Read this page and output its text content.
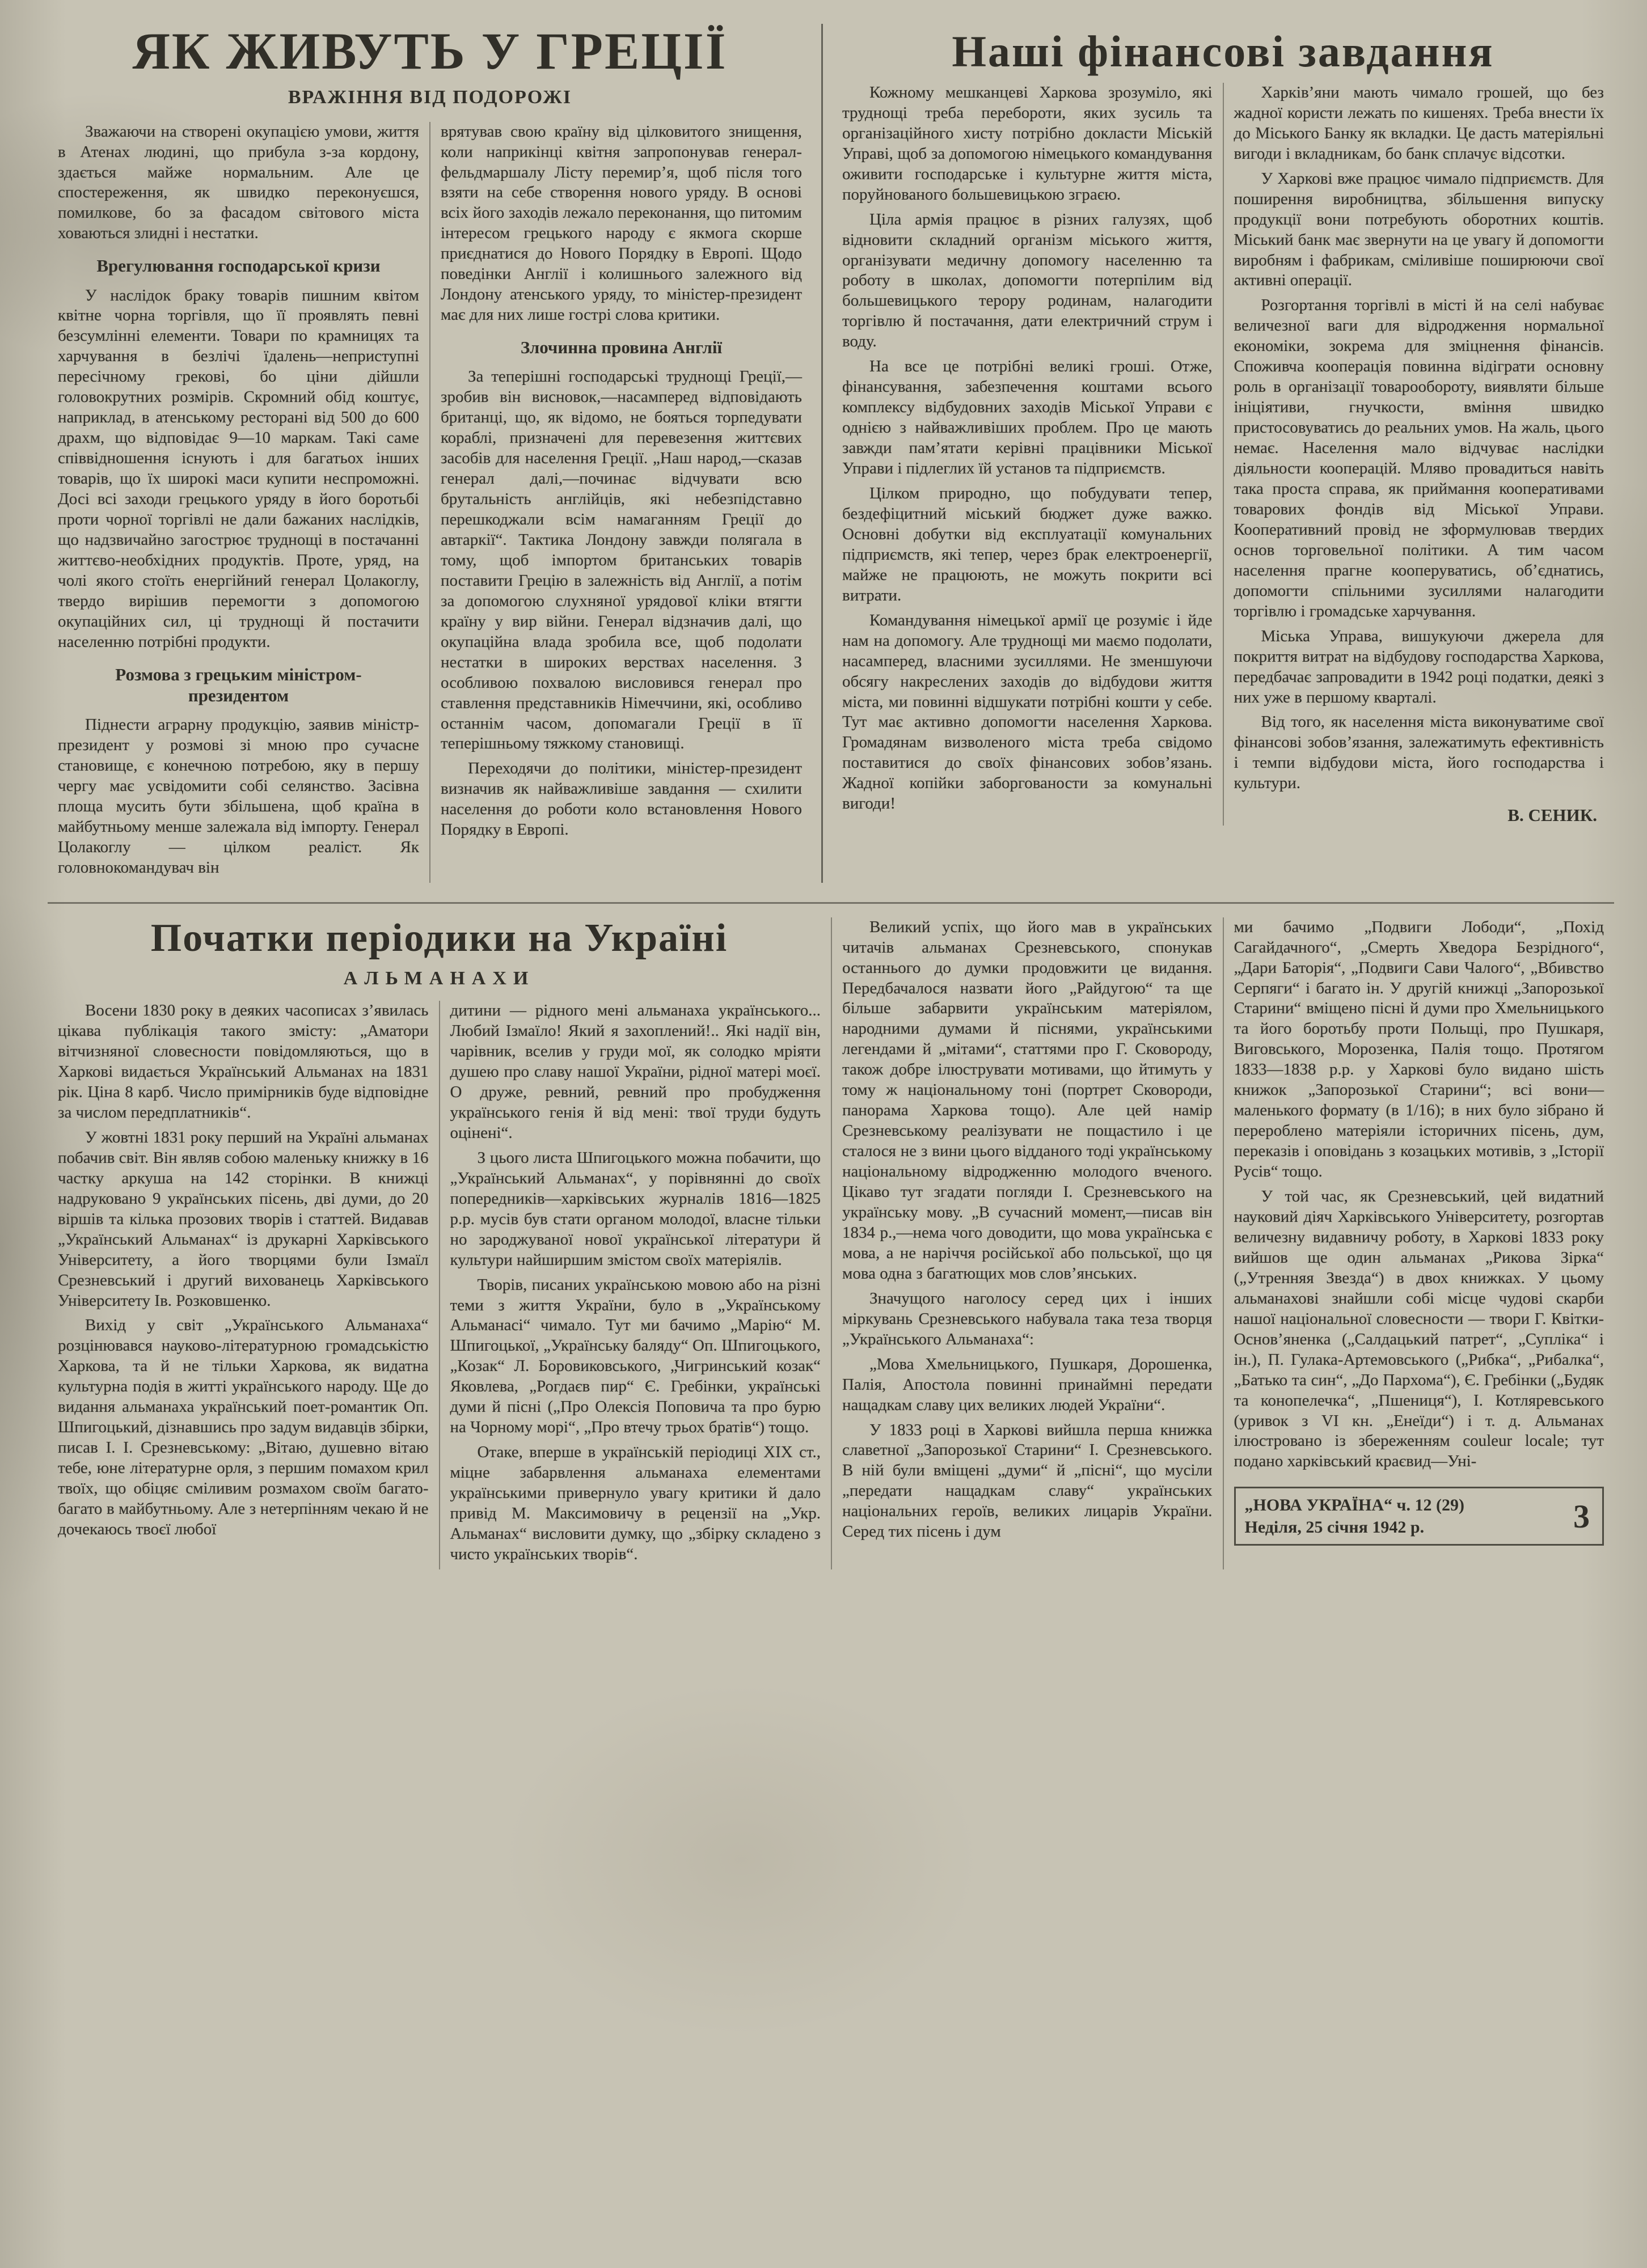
ЯК ЖИВУТЬ У ГРЕЦІЇ
ВРАЖІННЯ ВІД ПОДОРОЖІ

Зважаючи на створені окупацією умови, життя в Атенах людині, що прибула з-за кордону, здається майже нормальним. Але це спостереження, як швидко переконуєшся, помилкове, бо за фасадом світового міста ховаються злидні і нестатки.

Врегулювання господарської кризи

У наслідок браку товарів пишним квітом квітне чорна торгівля, що її проявлять певні безсумлінні елементи. Товари по крамницях та харчування в безлічі їдалень—неприступні пересічному грекові, бо ціни дійшли головокрутних розмірів. Скромний обід коштує, наприклад, в атенському ресторані від 500 до 600 драхм, що відповідає 9—10 маркам. Такі саме співвідношення існують і для багатьох інших товарів, що їх широкі маси купити неспроможні. Досі всі заходи грецького уряду в його боротьбі проти чорної торгівлі не дали бажаних наслідків, що надзвичайно загострює труднощі в постачанні життєво-необхідних продуктів. Проте, уряд, на чолі якого стоїть енергійний генерал Цолакоглу, твердо вирішив перемогти з допомогою окупаційних сил, ці труднощі й постачити населенню потрібні продукти.

Розмова з грецьким міністром-президентом

Піднести аграрну продукцію, заявив міністр-президент у розмові зі мною про сучасне становище, є конечною потребою, яку в першу чергу має усвідомити собі селянство. Засівна площа мусить бути збільшена, щоб країна в майбутньому менше залежала від імпорту. Генерал Цолакоглу — цілком реаліст. Як головнокомандувач він

врятував свою країну від цілковитого знищення, коли наприкінці квітня запропонував генерал-фельдмаршалу Лісту перемир’я, щоб після того взяти на себе створення нового уряду. В основі всіх його заходів лежало переконання, що питомим інтересом грецького народу є якмога скорше приєднатися до Нового Порядку в Европі. Щодо поведінки Англії і колишнього залежного від Лондону атенського уряду, то міністер-президент має для них лише гострі слова критики.

Злочинна провина Англії

За теперішні господарські труднощі Греції,—зробив він висновок,—насамперед відповідають британці, що, як відомо, не бояться торпедувати кораблі, призначені для перевезення життєвих засобів для населення Греції. „Наш народ,—сказав генерал далі,—починає відчувати всю брутальність англійців, які небезпідставно перешкоджали всім намаганням Греції до автаркії“. Тактика Лондону завжди полягала в тому, щоб імпортом британських товарів поставити Грецію в залежність від Англії, а потім за допомогою слухняної урядової кліки втягти країну у вир війни. Генерал відзначив далі, що окупаційна влада зробила все, щоб подолати нестатки в широких верствах населення. З особливою похвалою висловився генерал про ставлення представників Німеччини, які, особливо останнім часом, допомагали Греції в її теперішньому тяжкому становищі.

Переходячи до політики, міністер-президент визначив як найважливіше завдання — схилити населення до роботи коло встановлення Нового Порядку в Европі.

Наші фінансові завдання

Кожному мешканцеві Харкова зрозуміло, які труднощі треба перебороти, яких зусиль та організаційного хисту потрібно докласти Міській Управі, щоб за допомогою німецького командування оживити господарське і культурне життя міста, поруйнованого большевицькою зграєю.

Ціла армія працює в різних галузях, щоб відновити складний організм міського життя, організувати медичну допомогу населенню та роботу в школах, допомогти потерпілим від большевицького терору родинам, налагодити торгівлю й постачання, дати електричний струм і воду.

На все це потрібні великі гроші. Отже, фінансування, забезпечення коштами всього комплексу відбудовних заходів Міської Управи є однією з найважливіших проблем. Про це мають завжди пам’ятати керівні працівники Міської Управи і підлеглих їй установ та підприємств.

Цілком природно, що побудувати тепер, бездефіцитний міський бюджет дуже важко. Основні добутки від експлуатації комунальних підприємств, які тепер, через брак електроенергії, майже не працюють, не можуть покрити всі витрати.

Командування німецької армії це розуміє і йде нам на допомогу. Але труднощі ми маємо подолати, насамперед, власними зусиллями. Не зменшуючи обсягу накреслених заходів до відбудови життя міста, ми повинні відшукати потрібні кошти у себе. Тут має активно допомогти населення Харкова. Громадянам визволеного міста треба свідомо поставитися до своїх фінансових зобов’язань. Жадної копійки заборгованости за комунальні вигоди!

Харків’яни мають чимало грошей, що без жадної користи лежать по кишенях. Треба внести їх до Міського Банку як вкладки. Це дасть матеріяльні вигоди і вкладникам, бо банк сплачує відсотки.

У Харкові вже працює чимало підприємств. Для поширення виробництва, збільшення випуску продукції вони потребують оборотних коштів. Міський банк має звернути на це увагу й допомогти виробням і фабрикам, сміливіше поширюючи свої активні операції.

Розгортання торгівлі в місті й на селі набуває величезної ваги для відродження нормальної економіки, зокрема для зміцнення фінансів. Споживча кооперація повинна відіграти основну роль в організації товарообороту, виявляти більше ініціятиви, гнучкости, вміння швидко пристосовуватись до реальних умов. На жаль, цього немає. Населення мало відчуває наслідки діяльности кооперацій. Мляво провадиться навіть така проста справа, як приймання кооперативами товарових фондів від Міської Управи. Кооперативний провід не зформулював твердих основ торговельної політики. А тим часом населення прагне кооперуватись, об’єднатись, допомогти спільними зусиллями налагодити торгівлю і громадське харчування.

Міська Управа, вишукуючи джерела для покриття витрат на відбудову господарства Харкова, передбачає запровадити в 1942 році податки, деякі з них уже в першому кварталі.

Від того, як населення міста виконуватиме свої фінансові зобов’язання, залежатимуть ефективність і темпи відбудови міста, його господарства і культури.

В. СЕНИК.

Початки періодики на Україні
АЛЬМАНАХИ

Восени 1830 року в деяких часописах з’явилась цікава публікація такого змісту: „Аматори вітчизняної словесности повідомляються, що в Харкові видається Український Альманах на 1831 рік. Ціна 8 карб. Число примірників буде відповідне за числом передплатників“.

У жовтні 1831 року перший на Україні альманах побачив світ. Він являв собою маленьку книжку в 16 частку аркуша на 142 сторінки. В книжці надруковано 9 українських пісень, дві думи, до 20 віршів та кілька прозових творів і статтей. Видавав „Український Альманах“ із друкарні Харківського Університету, а його творцями були Ізмаїл Срезневський і другий вихованець Харківського Університету Ів. Розковшенко.

Вихід у світ „Українського Альманаха“ розцінювався науково-літературною громадськістю Харкова, та й не тільки Харкова, як видатна культурна подія в житті українського народу. Ще до видання альманаха український поет-романтик Оп. Шпигоцький, дізнавшись про задум видавців збірки, писав І. І. Срезневському: „Вітаю, душевно вітаю тебе, юне літературне орля, з першим помахом крил твоїх, що обіцяє сміливим розмахом своїм багато-багато в майбутньому. Але з нетерпінням чекаю й не дочекаюсь твоєї любої

дитини — рідного мені альманаха українського... Любий Ізмаїло! Який я захоплений!.. Які надії він, чарівник, вселив у груди мої, як солодко мріяти душею про славу нашої України, рідної матері моєї. О друже, ревний, ревний про пробудження українського генія й від мені: твої труди будуть оцінені“.

З цього листа Шпигоцького можна побачити, що „Український Альманах“, у порівнянні до своїх попередників—харківських журналів 1816—1825 р.р. мусів був стати органом молодої, власне тільки но зароджуваної нової української літератури й культури найширшим змістом своїх матеріялів.

Творів, писаних українською мовою або на різні теми з життя України, було в „Українському Альманасі“ чимало. Тут ми бачимо „Марію“ М. Шпигоцької, „Українську баляду“ Оп. Шпигоцького, „Козак“ Л. Боровиковського, „Чигринський козак“ Яковлева, „Рогдаєв пир“ Є. Гребінки, українські думи й пісні („Про Олексія Поповича та про бурю на Чорному морі“, „Про втечу трьох братів“) тощо.

Отаке, вперше в українській періодиці XIX ст., міцне забарвлення альманаха елементами українськими привернуло увагу критики й дало привід М. Максимовичу в рецензії на „Укр. Альманах“ висловити думку, що „збірку складено з чисто українських творів“.

Великий успіх, що його мав в українських читачів альманах Срезневського, спонукав останнього до думки продовжити це видання. Передбачалося назвати його „Райдугою“ та ще більше забарвити українським матеріялом, народними думами й піснями, українськими легендами й „мітами“, статтями про Г. Сковороду, також добре ілюструвати мотивами, що йтимуть у тому ж національному тоні (портрет Сковороди, панорама Харкова тощо). Але цей намір Срезневському реалізувати не пощастило і це сталося не з вини цього відданого тоді українському національному відродженню молодого вченого. Цікаво тут згадати погляди І. Срезневського на українську мову. „В сучасний момент,—писав він 1834 р.,—нема чого доводити, що мова українська є мова, а не наріччя російської або польської, що ця мова одна з багатющих мов слов’янських.

Значущого наголосу серед цих і інших міркувань Срезневського набувала така теза творця „Українського Альманаха“:

„Мова Хмельницького, Пушкаря, Дорошенка, Палія, Апостола повинні принаймні передати нащадкам славу цих великих людей України“.

У 1833 році в Харкові вийшла перша книжка славетної „Запорозької Старини“ І. Срезневського. В ній були вміщені „думи“ й „пісні“, що мусіли „передати нащадкам славу“ українських національних героїв, великих лицарів України. Серед тих пісень і дум

ми бачимо „Подвиги Лободи“, „Похід Сагайдачного“, „Смерть Хведора Безрідного“, „Дари Баторія“, „Подвиги Сави Чалого“, „Вбивство Серпяги“ і багато ін. У другій книжці „Запорозької Старини“ вміщено пісні й думи про Хмельницького та його боротьбу проти Польщі, про Пушкаря, Виговського, Морозенка, Палія тощо. Протягом 1833—1838 р.р. у Харкові було видано шість книжок „Запорозької Старини“; всі вони—маленького формату (в 1/16); в них було зібрано й перероблено матеріяли історичних пісень, дум, переказів і оповідань з козацьких мотивів, з „Історії Русів“ тощо.

У той час, як Срезневський, цей видатний науковий діяч Харківського Університету, розгортав величезну видавничу роботу, в Харкові 1833 року вийшов ще один альманах „Рикова Зірка“ („Утренняя Звезда“) в двох книжках. У цьому альманахові знайшли собі місце чудові скарби нашої національної словесности — твори Г. Квітки-Основ’яненка („Салдацький патрет“, „Супліка“ і ін.), П. Гулака-Артемовського („Рибка“, „Рибалка“, „Батько та син“, „До Пархома“), Є. Гребінки („Будяк та конопелечка“, „Пшениця“), І. Котляревського (уривок з VI кн. „Енеїди“) і т. д. Альманах ілюстровано із збереженням couleur locale; тут подано харківський краєвид—Уні-

„НОВА УКРАЇНА“ ч. 12 (29)
Неділя, 25 січня 1942 р.	3
